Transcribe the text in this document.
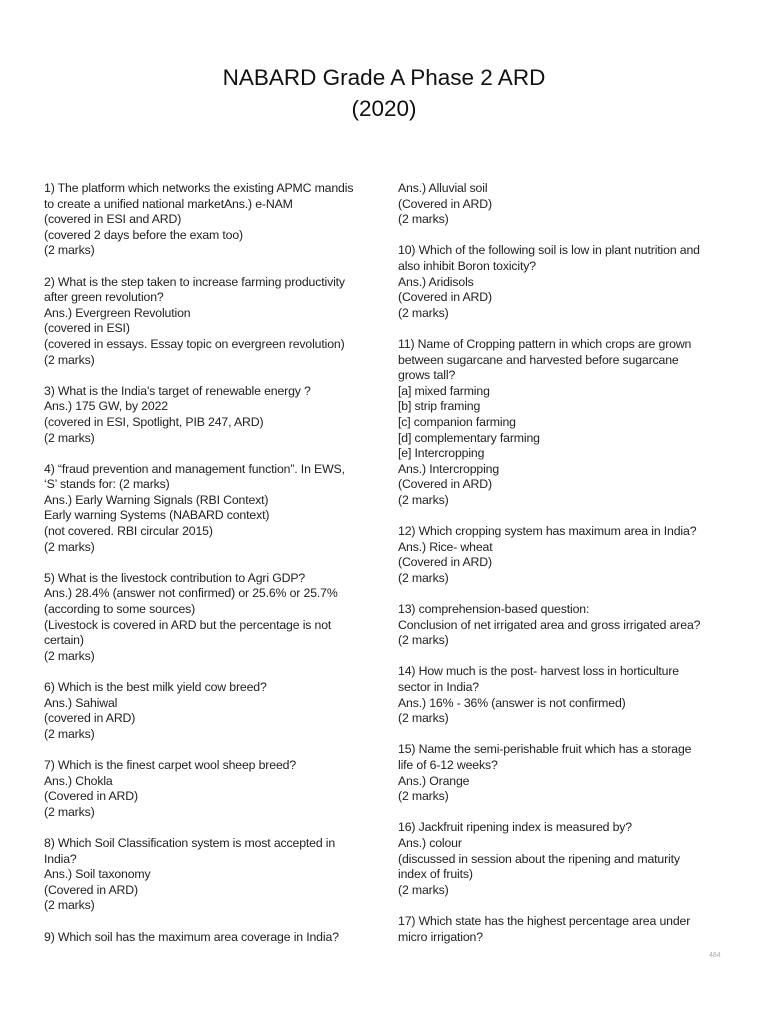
NABARD Grade A Phase 2 ARD
(2020)
1) The platform which networks the existing APMC mandis
to create a unified national marketAns.) e-NAM
(covered in ESI and ARD)
(covered 2 days before the exam too)
(2 marks)
2) What is the step taken to increase farming productivity
after green revolution?
Ans.) Evergreen Revolution
(covered in ESI)
(covered in essays. Essay topic on evergreen revolution)
(2 marks)
3) What is the India's target of renewable energy ?
Ans.) 175 GW, by 2022
(covered in ESI, Spotlight, PIB 247, ARD)
(2 marks)
4) “fraud prevention and management function”. In EWS,
‘S’ stands for: (2 marks)
Ans.) Early Warning Signals (RBI Context)
Early warning Systems (NABARD context)
(not covered. RBI circular 2015)
(2 marks)
5) What is the livestock contribution to Agri GDP?
Ans.) 28.4% (answer not confirmed) or 25.6% or 25.7%
(according to some sources)
(Livestock is covered in ARD but the percentage is not
certain)
(2 marks)
6) Which is the best milk yield cow breed?
Ans.) Sahiwal
(covered in ARD)
(2 marks)
7) Which is the finest carpet wool sheep breed?
Ans.) Chokla
(Covered in ARD)
(2 marks)
8) Which Soil Classification system is most accepted in
India?
Ans.) Soil taxonomy
(Covered in ARD)
(2 marks)
9) Which soil has the maximum area coverage in India?
Ans.) Alluvial soil
(Covered in ARD)
(2 marks)
10) Which of the following soil is low in plant nutrition and
also inhibit Boron toxicity?
Ans.) Aridisols
(Covered in ARD)
(2 marks)
11) Name of Cropping pattern in which crops are grown
between sugarcane and harvested before sugarcane
grows tall?
[a] mixed farming
[b] strip framing
[c] companion farming
[d] complementary farming
[e] Intercropping
Ans.) Intercropping
(Covered in ARD)
(2 marks)
12) Which cropping system has maximum area in India?
Ans.) Rice- wheat
(Covered in ARD)
(2 marks)
13) comprehension-based question:
Conclusion of net irrigated area and gross irrigated area?
(2 marks)
14) How much is the post- harvest loss in horticulture
sector in India?
Ans.) 16% - 36% (answer is not confirmed)
(2 marks)
15) Name the semi-perishable fruit which has a storage
life of 6-12 weeks?
Ans.) Orange
(2 marks)
16) Jackfruit ripening index is measured by?
Ans.) colour
(discussed in session about the ripening and maturity
index of fruits)
(2 marks)
17) Which state has the highest percentage area under
micro irrigation?
484
